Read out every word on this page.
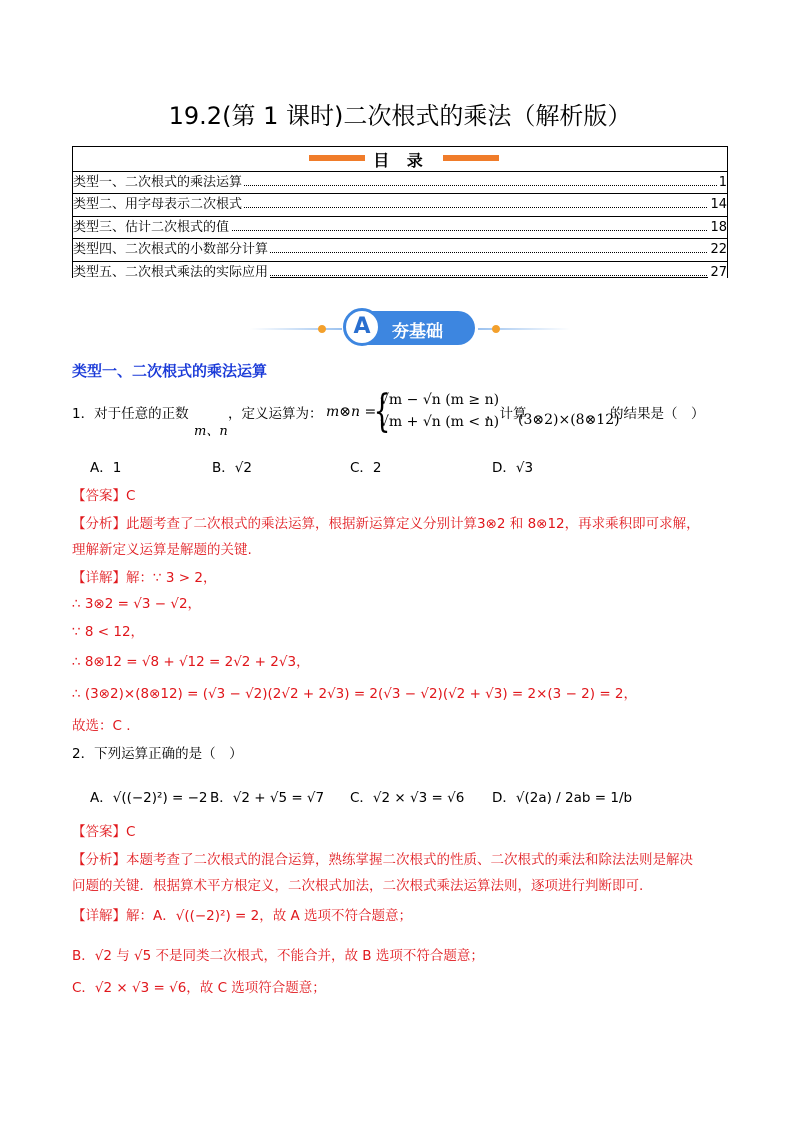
19.2(第 1 课时)二次根式的乘法（解析版）
目 录
类型一、二次根式的乘法运算	1
类型二、用字母表示二次根式	14
类型三、估计二次根式的值	18
类型四、二次根式的小数部分计算	22
类型五、二次根式乘法的实际应用	27
A	夯基础
类型一、二次根式的乘法运算
1．对于任意的正数
m、n
，定义运算为： m⊗n =
{
√m − √n (m ≥ n)
√m + √n (m < n)
，计算
(3⊗2)×(8⊗12)
的结果是（　）
A．1	B．√2	C．2	D．√3
【答案】C
【分析】此题考查了二次根式的乘法运算，根据新运算定义分别计算3⊗2 和 8⊗12，再求乘积即可求解，
理解新定义运算是解题的关键.
【详解】解：∵ 3 > 2，
∴ 3⊗2 = √3 − √2，
∵ 8 < 12，
∴ 8⊗12 = √8 + √12 = 2√2 + 2√3，
∴ (3⊗2)×(8⊗12) = (√3 − √2)(2√2 + 2√3) = 2(√3 − √2)(√2 + √3) = 2×(3 − 2) = 2，
故选：C .
2．下列运算正确的是（　）
A．√((−2)²) = −2 B．√2 + √5 = √7 C．√2 × √3 = √6 D．√(2a) / 2ab = 1/b
【答案】C
【分析】本题考查了二次根式的混合运算，熟练掌握二次根式的性质、二次根式的乘法和除法法则是解决
问题的关键．根据算术平方根定义，二次根式加法，二次根式乘法运算法则，逐项进行判断即可.
【详解】解：A．√((−2)²) = 2，故 A 选项不符合题意；
B．√2 与 √5 不是同类二次根式，不能合并，故 B 选项不符合题意；
C．√2 × √3 = √6，故 C 选项符合题意；
